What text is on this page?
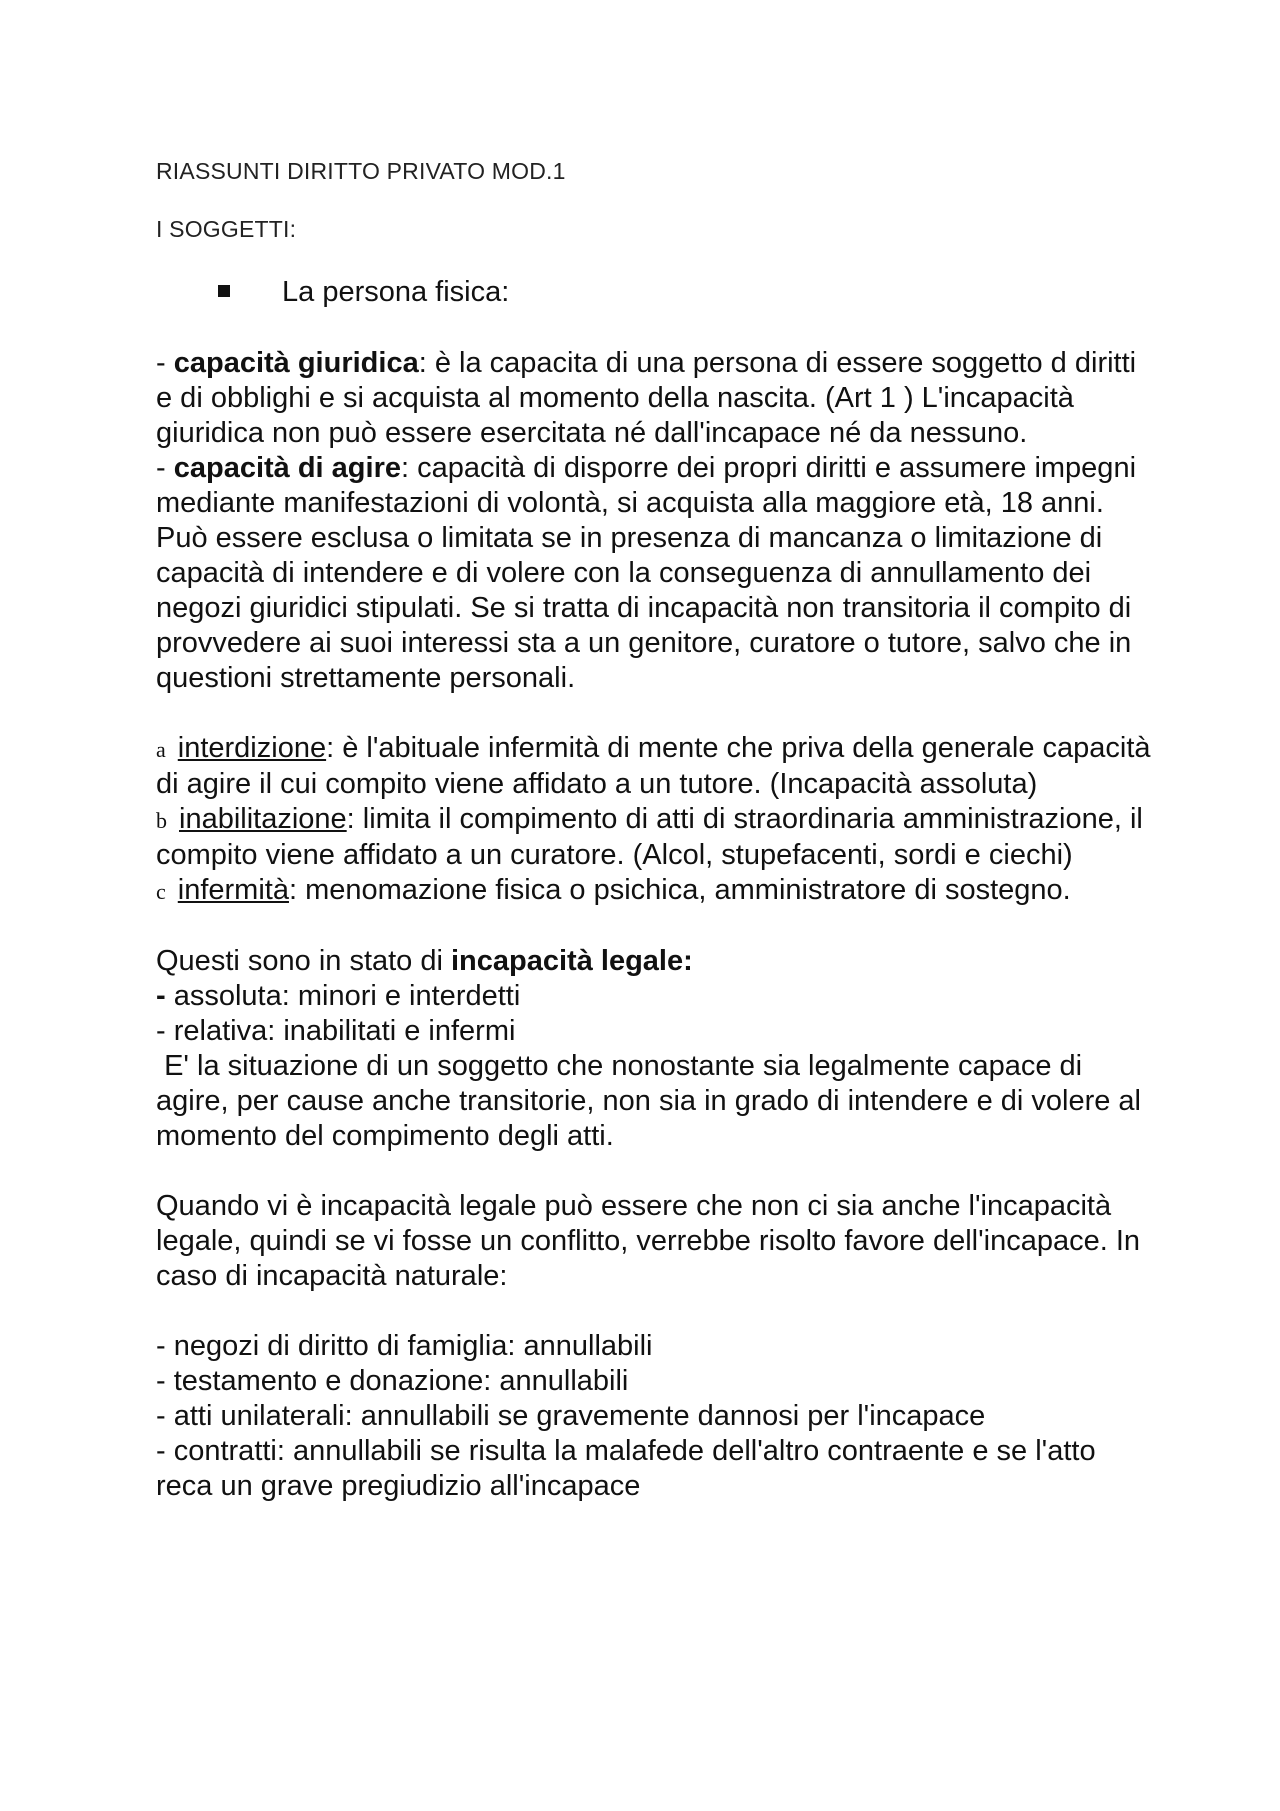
RIASSUNTI DIRITTO PRIVATO MOD.1
I SOGGETTI:
La persona fisica:

- capacità giuridica: è la capacita di una persona di essere soggetto d diritti e di obblighi e si acquista al momento della nascita. (Art 1 ) L'incapacità giuridica non può essere esercitata né dall'incapace né da nessuno.

- capacità di agire: capacità di disporre dei propri diritti e assumere impegni mediante manifestazioni di volontà, si acquista alla maggiore età, 18 anni.

Può essere esclusa o limitata se in presenza di mancanza o limitazione di capacità di intendere e di volere con la conseguenza di annullamento dei negozi giuridici stipulati. Se si tratta di incapacità non transitoria il compito di provvedere ai suoi interessi sta a un genitore, curatore o tutore, salvo che in questioni strettamente personali.

a interdizione: è l'abituale infermità di mente che priva della generale capacità di agire il cui compito viene affidato a un tutore. (Incapacità assoluta)

b inabilitazione: limita il compimento di atti di straordinaria amministrazione, il compito viene affidato a un curatore. (Alcol, stupefacenti, sordi e ciechi)

c infermità: menomazione fisica o psichica, amministratore di sostegno.

Questi sono in stato di incapacità legale:

- assoluta: minori e interdetti

- relativa: inabilitati e infermi

E' la situazione di un soggetto che nonostante sia legalmente capace di agire, per cause anche transitorie, non sia in grado di intendere e di volere al momento del compimento degli atti.

Quando vi è incapacità legale può essere che non ci sia anche l'incapacità legale, quindi se vi fosse un conflitto, verrebbe risolto favore dell'incapace. In caso di incapacità naturale:

- negozi di diritto di famiglia: annullabili

- testamento e donazione: annullabili

- atti unilaterali: annullabili se gravemente dannosi per l'incapace

- contratti: annullabili se risulta la malafede dell'altro contraente e se l'atto reca un grave pregiudizio all'incapace
